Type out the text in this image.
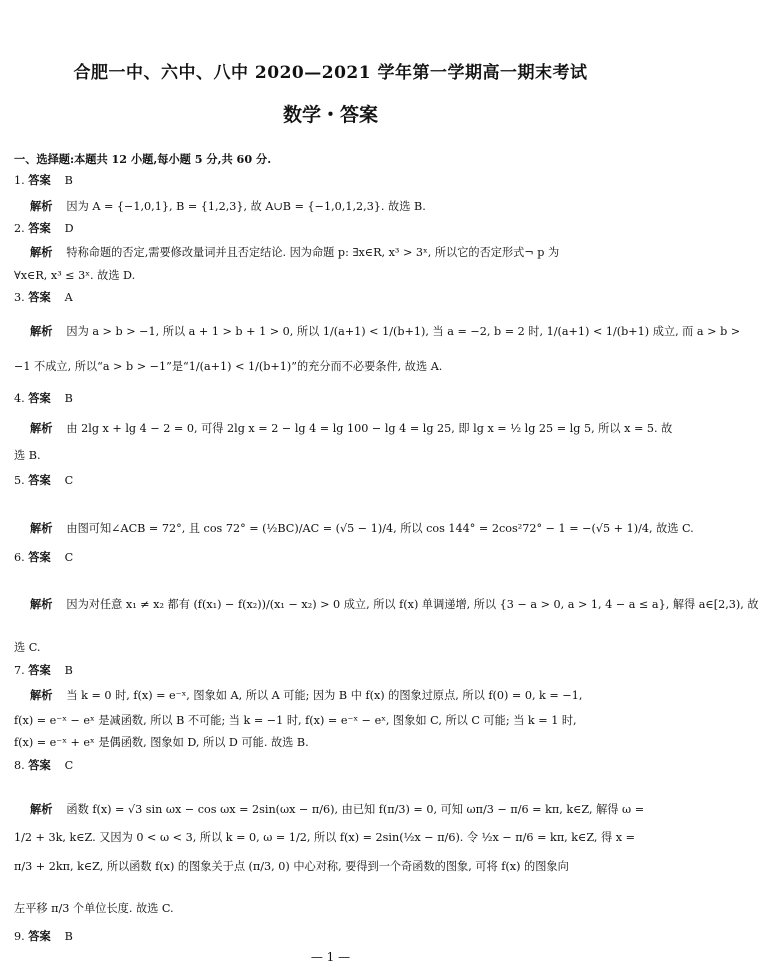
合肥一中、六中、八中 2020—2021 学年第一学期高一期末考试
数学・答案
一、选择题:本题共 12 小题,每小题 5 分,共 60 分.
1. 答案 B
解析 因为 A = {−1,0,1}, B = {1,2,3}, 故 A∪B = {−1,0,1,2,3}. 故选 B.
2. 答案 D
解析 特称命题的否定,需要修改量词并且否定结论. 因为命题 p: ∃x∈R, x³ > 3ˣ, 所以它的否定形式¬ p 为
∀x∈R, x³ ≤ 3ˣ. 故选 D.
3. 答案 A
解析 因为 a > b > −1, 所以 a + 1 > b + 1 > 0, 所以 1/(a+1) < 1/(b+1), 当 a = −2, b = 2 时, 1/(a+1) < 1/(b+1) 成立, 而 a > b >
−1 不成立, 所以“a > b > −1”是“1/(a+1) < 1/(b+1)”的充分而不必要条件, 故选 A.
4. 答案 B
解析 由 2lg x + lg 4 − 2 = 0, 可得 2lg x = 2 − lg 4 = lg 100 − lg 4 = lg 25, 即 lg x = ½ lg 25 = lg 5, 所以 x = 5. 故
选 B.
5. 答案 C
解析 由图可知∠ACB = 72°, 且 cos 72° = (½BC)/AC = (√5 − 1)/4, 所以 cos 144° = 2cos²72° − 1 = −(√5 + 1)/4, 故选 C.
6. 答案 C
解析 因为对任意 x₁ ≠ x₂ 都有 (f(x₁) − f(x₂))/(x₁ − x₂) > 0 成立, 所以 f(x) 单调递增, 所以 {3 − a > 0, a > 1, 4 − a ≤ a}, 解得 a∈[2,3), 故
选 C.
7. 答案 B
解析 当 k = 0 时, f(x) = e⁻ˣ, 图象如 A, 所以 A 可能; 因为 B 中 f(x) 的图象过原点, 所以 f(0) = 0, k = −1,
f(x) = e⁻ˣ − eˣ 是减函数, 所以 B 不可能; 当 k = −1 时, f(x) = e⁻ˣ − eˣ, 图象如 C, 所以 C 可能; 当 k = 1 时,
f(x) = e⁻ˣ + eˣ 是偶函数, 图象如 D, 所以 D 可能. 故选 B.
8. 答案 C
解析 函数 f(x) = √3 sin ωx − cos ωx = 2sin(ωx − π/6), 由已知 f(π/3) = 0, 可知 ωπ/3 − π/6 = kπ, k∈Z, 解得 ω =
1/2 + 3k, k∈Z. 又因为 0 < ω < 3, 所以 k = 0, ω = 1/2, 所以 f(x) = 2sin(½x − π/6). 令 ½x − π/6 = kπ, k∈Z, 得 x =
π/3 + 2kπ, k∈Z, 所以函数 f(x) 的图象关于点 (π/3, 0) 中心对称, 要得到一个奇函数的图象, 可将 f(x) 的图象向
左平移 π/3 个单位长度. 故选 C.
9. 答案 B
— 1 —
